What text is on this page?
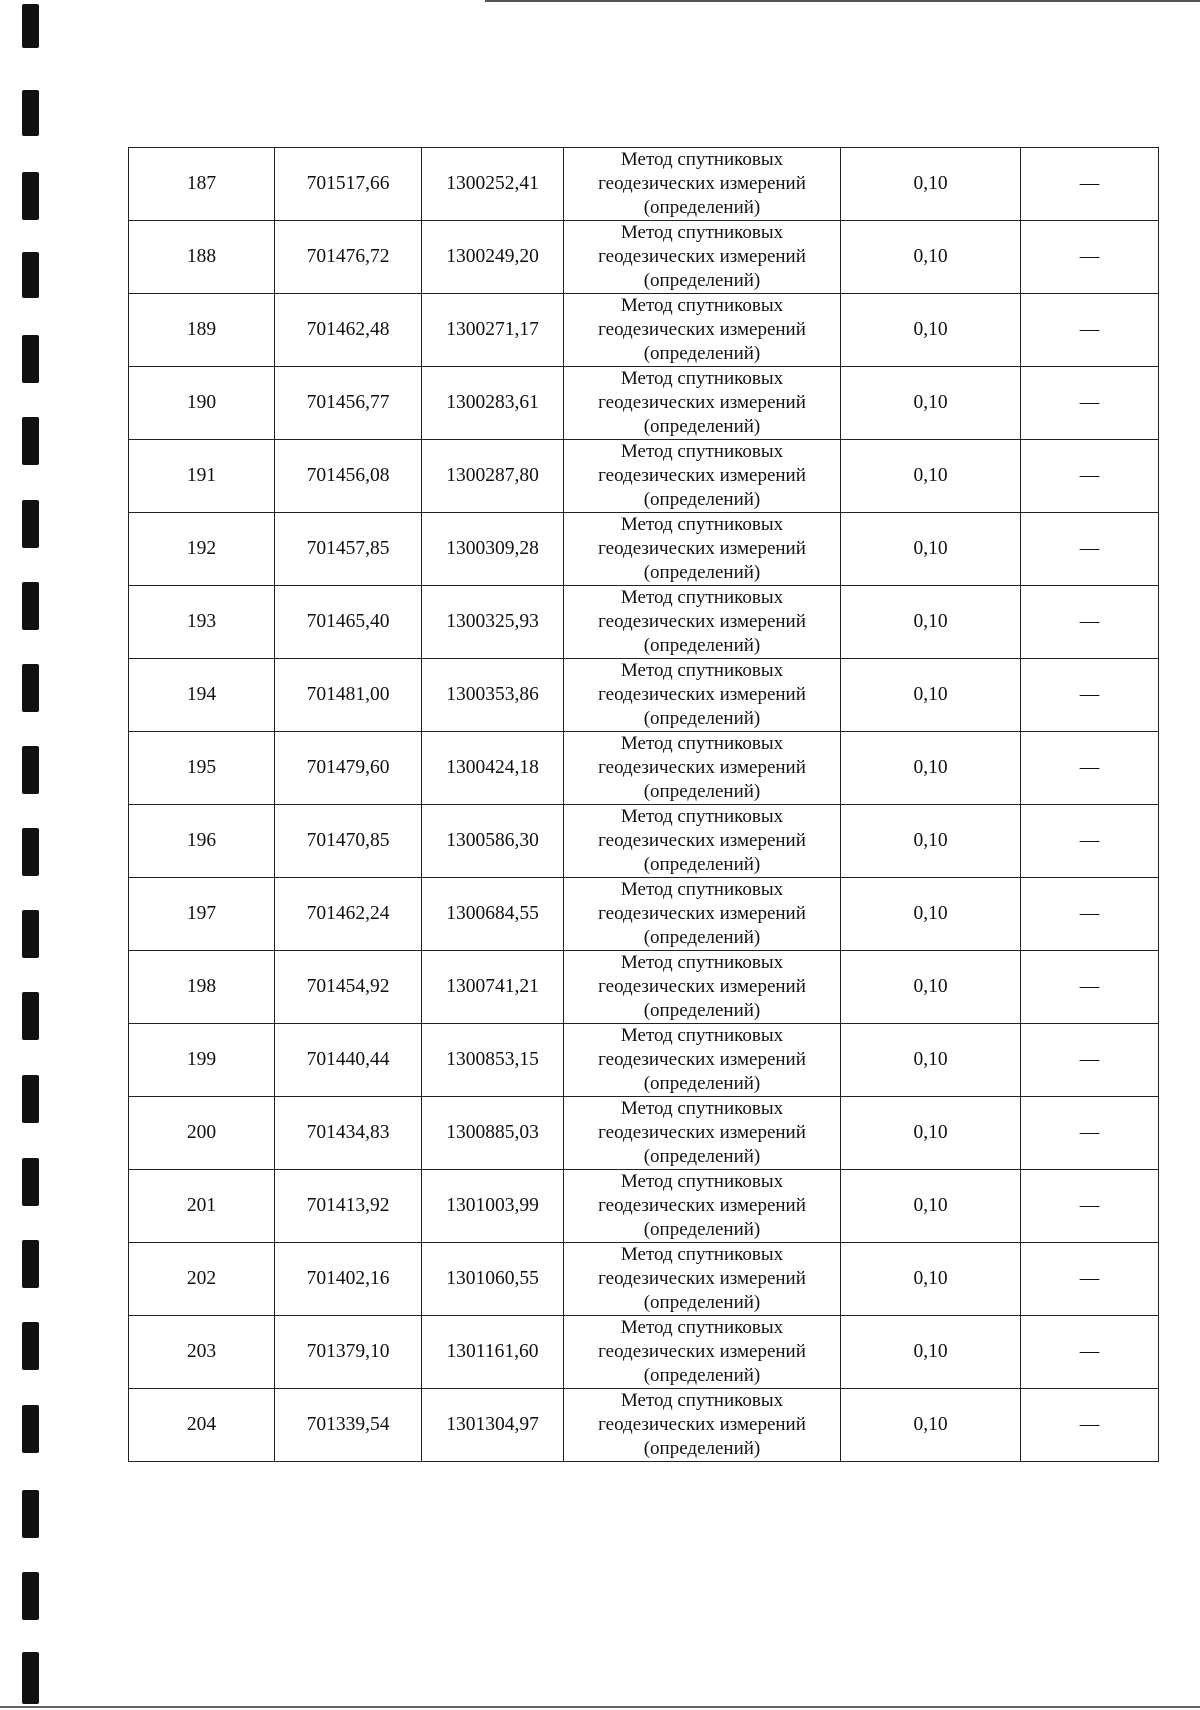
187	701517,66	1300252,41	Метод спутниковых геодезических измерений (определений)	0,10	—
188	701476,72	1300249,20	Метод спутниковых геодезических измерений (определений)	0,10	—
189	701462,48	1300271,17	Метод спутниковых геодезических измерений (определений)	0,10	—
190	701456,77	1300283,61	Метод спутниковых геодезических измерений (определений)	0,10	—
191	701456,08	1300287,80	Метод спутниковых геодезических измерений (определений)	0,10	—
192	701457,85	1300309,28	Метод спутниковых геодезических измерений (определений)	0,10	—
193	701465,40	1300325,93	Метод спутниковых геодезических измерений (определений)	0,10	—
194	701481,00	1300353,86	Метод спутниковых геодезических измерений (определений)	0,10	—
195	701479,60	1300424,18	Метод спутниковых геодезических измерений (определений)	0,10	—
196	701470,85	1300586,30	Метод спутниковых геодезических измерений (определений)	0,10	—
197	701462,24	1300684,55	Метод спутниковых геодезических измерений (определений)	0,10	—
198	701454,92	1300741,21	Метод спутниковых геодезических измерений (определений)	0,10	—
199	701440,44	1300853,15	Метод спутниковых геодезических измерений (определений)	0,10	—
200	701434,83	1300885,03	Метод спутниковых геодезических измерений (определений)	0,10	—
201	701413,92	1301003,99	Метод спутниковых геодезических измерений (определений)	0,10	—
202	701402,16	1301060,55	Метод спутниковых геодезических измерений (определений)	0,10	—
203	701379,10	1301161,60	Метод спутниковых геодезических измерений (определений)	0,10	—
204	701339,54	1301304,97	Метод спутниковых геодезических измерений (определений)	0,10	—
